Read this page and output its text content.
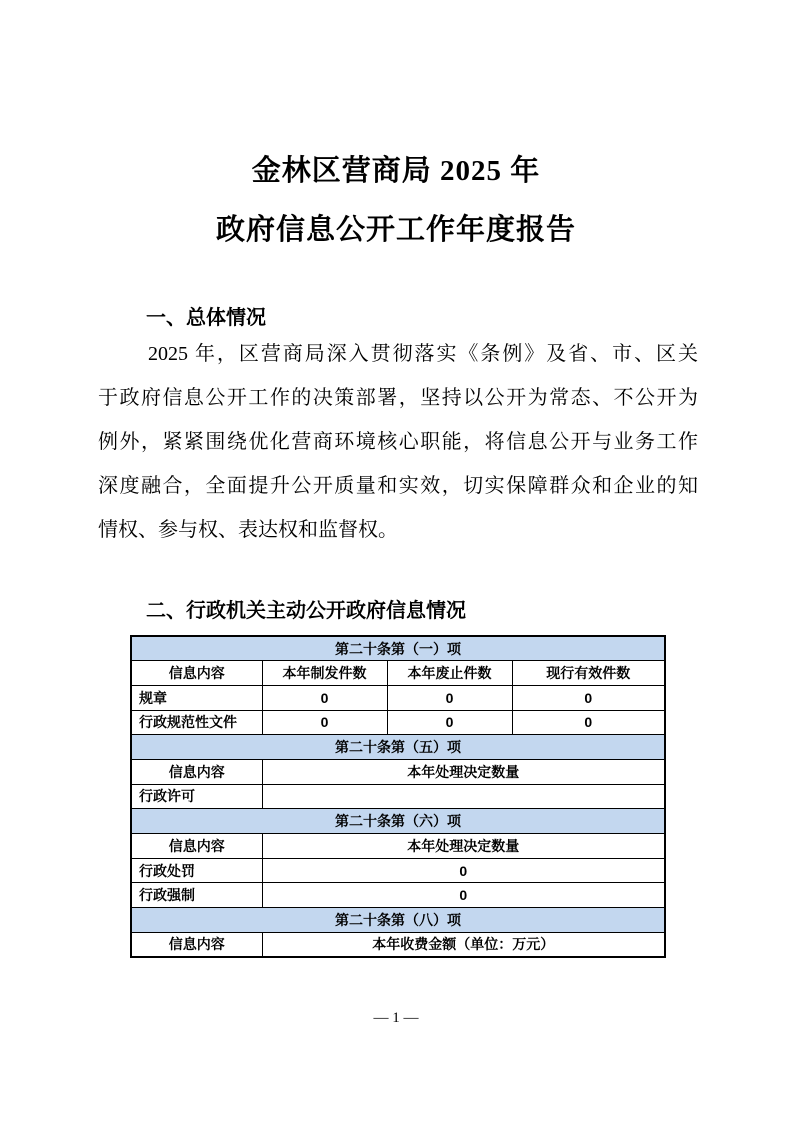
金林区营商局 2025 年
政府信息公开工作年度报告
一、总体情况
2025 年，区营商局深入贯彻落实《条例》及省、市、区关
于政府信息公开工作的决策部署，坚持以公开为常态、不公开为
例外，紧紧围绕优化营商环境核心职能，将信息公开与业务工作
深度融合，全面提升公开质量和实效，切实保障群众和企业的知
情权、参与权、表达权和监督权。
二、行政机关主动公开政府信息情况
第二十条第（一）项			
信息内容	本年制发件数	本年废止件数	现行有效件数
规章	0	0	0
行政规范性文件	0	0	0
第二十条第（五）项			
信息内容	本年处理决定数量		
行政许可			
第二十条第（六）项			
信息内容	本年处理决定数量		
行政处罚	0		
行政强制	0		
第二十条第（八）项			
信息内容	本年收费金额（单位：万元）		
— 1 —
